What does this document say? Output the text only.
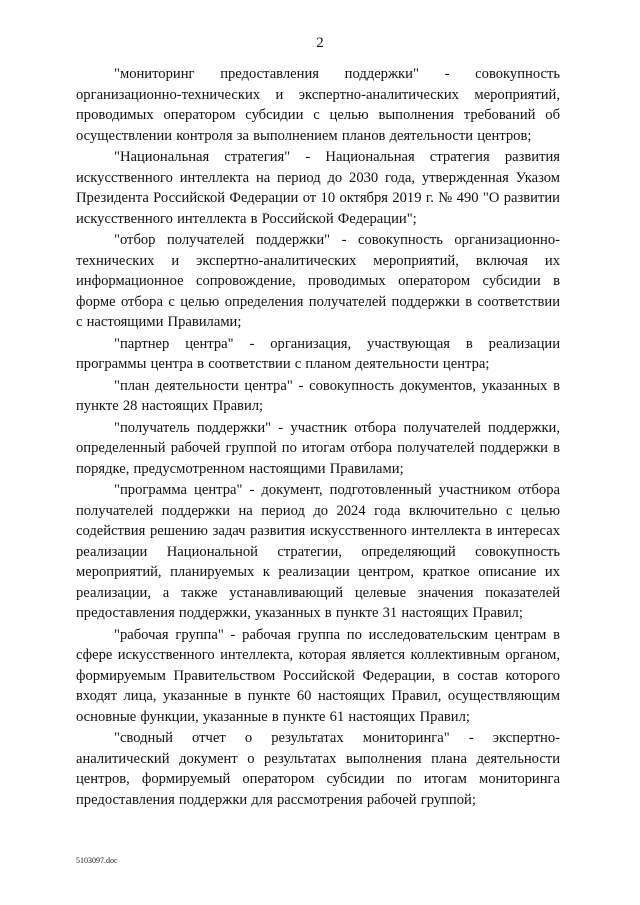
2

"мониторинг предоставления поддержки" - совокупность организационно-технических и экспертно-аналитических мероприятий, проводимых оператором субсидии с целью выполнения требований об осуществлении контроля за выполнением планов деятельности центров;

"Национальная стратегия" - Национальная стратегия развития искусственного интеллекта на период до 2030 года, утвержденная Указом Президента Российской Федерации от 10 октября 2019 г. № 490 "О развитии искусственного интеллекта в Российской Федерации";

"отбор получателей поддержки" - совокупность организационно-технических и экспертно-аналитических мероприятий, включая их информационное сопровождение, проводимых оператором субсидии в форме отбора с целью определения получателей поддержки в соответствии с настоящими Правилами;

"партнер центра" - организация, участвующая в реализации программы центра в соответствии с планом деятельности центра;

"план деятельности центра" - совокупность документов, указанных в пункте 28 настоящих Правил;

"получатель поддержки" - участник отбора получателей поддержки, определенный рабочей группой по итогам отбора получателей поддержки в порядке, предусмотренном настоящими Правилами;

"программа центра" - документ, подготовленный участником отбора получателей поддержки на период до 2024 года включительно с целью содействия решению задач развития искусственного интеллекта в интересах реализации Национальной стратегии, определяющий совокупность мероприятий, планируемых к реализации центром, краткое описание их реализации, а также устанавливающий целевые значения показателей предоставления поддержки, указанных в пункте 31 настоящих Правил;

"рабочая группа" - рабочая группа по исследовательским центрам в сфере искусственного интеллекта, которая является коллективным органом, формируемым Правительством Российской Федерации, в состав которого входят лица, указанные в пункте 60 настоящих Правил, осуществляющим основные функции, указанные в пункте 61 настоящих Правил;

"сводный отчет о результатах мониторинга" - экспертно-аналитический документ о результатах выполнения плана деятельности центров, формируемый оператором субсидии по итогам мониторинга предоставления поддержки для рассмотрения рабочей группой;

5103097.doc
